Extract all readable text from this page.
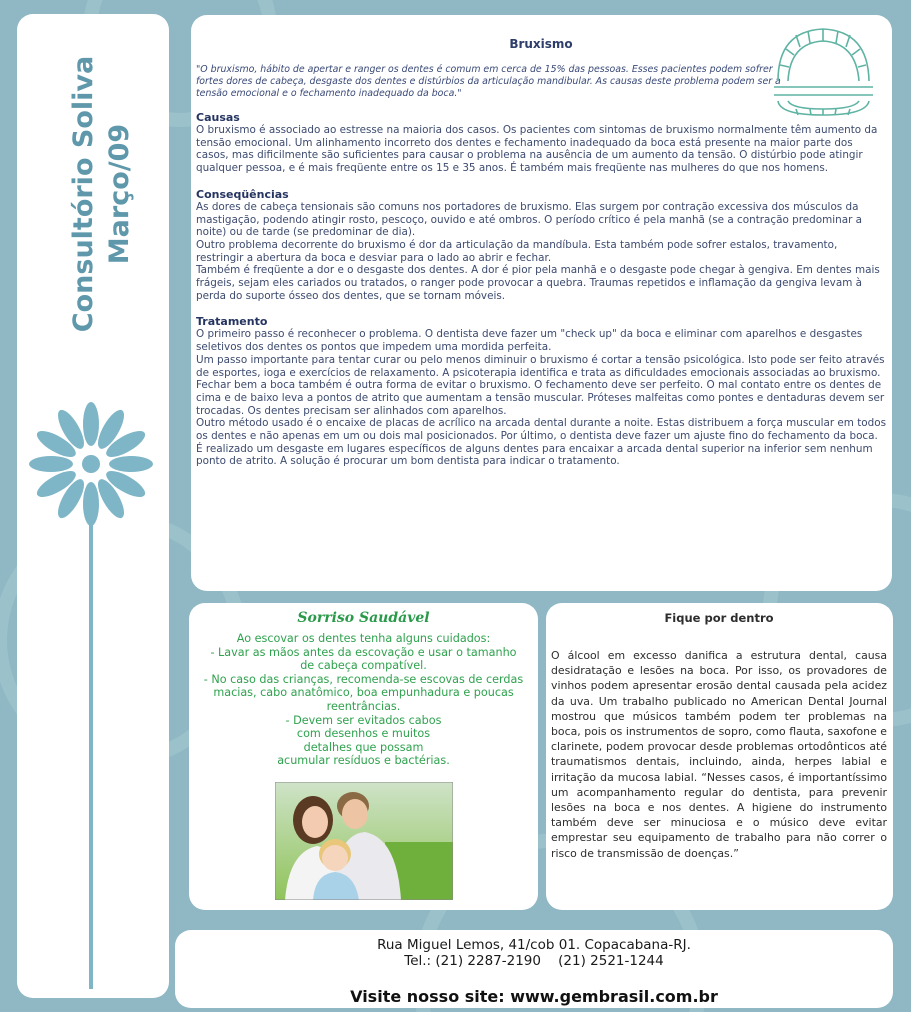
Consultório Soliva Março/09
Bruxismo

"O bruxismo, hábito de apertar e ranger os dentes é comum em cerca de 15% das pessoas. Esses pacientes podem sofrer fortes dores de cabeça, desgaste dos dentes e distúrbios da articulação mandibular. As causas deste problema podem ser a tensão emocional e o fechamento inadequado da boca."

Causas

O bruxismo é associado ao estresse na maioria dos casos. Os pacientes com sintomas de bruxismo normalmente têm aumento da tensão emocional. Um alinhamento incorreto dos dentes e fechamento inadequado da boca está presente na maior parte dos casos, mas dificilmente são suficientes para causar o problema na ausência de um aumento da tensão. O distúrbio pode atingir qualquer pessoa, e é mais freqüente entre os 15 e 35 anos. É também mais freqüente nas mulheres do que nos homens.

Conseqüências

As dores de cabeça tensionais são comuns nos portadores de bruxismo. Elas surgem por contração excessiva dos músculos da mastigação, podendo atingir rosto, pescoço, ouvido e até ombros. O período crítico é pela manhã (se a contração predominar a noite) ou de tarde (se predominar de dia).

Outro problema decorrente do bruxismo é dor da articulação da mandíbula. Esta também pode sofrer estalos, travamento, restringir a abertura da boca e desviar para o lado ao abrir e fechar.

Também é freqüente a dor e o desgaste dos dentes. A dor é pior pela manhã e o desgaste pode chegar à gengiva. Em dentes mais frágeis, sejam eles cariados ou tratados, o ranger pode provocar a quebra. Traumas repetidos e inflamação da gengiva levam à perda do suporte ósseo dos dentes, que se tornam móveis.

Tratamento

O primeiro passo é reconhecer o problema. O dentista deve fazer um "check up" da boca e eliminar com aparelhos e desgastes seletivos dos dentes os pontos que impedem uma mordida perfeita.

Um passo importante para tentar curar ou pelo menos diminuir o bruxismo é cortar a tensão psicológica. Isto pode ser feito através de esportes, ioga e exercícios de relaxamento. A psicoterapia identifica e trata as dificuldades emocionais associadas ao bruxismo. Fechar bem a boca também é outra forma de evitar o bruxismo. O fechamento deve ser perfeito. O mal contato entre os dentes de cima e de baixo leva a pontos de atrito que aumentam a tensão muscular. Próteses malfeitas como pontes e dentaduras devem ser trocadas. Os dentes precisam ser alinhados com aparelhos.

Outro método usado é o encaixe de placas de acrílico na arcada dental durante a noite. Estas distribuem a força muscular em todos os dentes e não apenas em um ou dois mal posicionados. Por último, o dentista deve fazer um ajuste fino do fechamento da boca.

É realizado um desgaste em lugares específicos de alguns dentes para encaixar a arcada dental superior na inferior sem nenhum ponto de atrito. A solução é procurar um bom dentista para indicar o tratamento.

Sorriso Saudável

Ao escovar os dentes tenha alguns cuidados:

- Lavar as mãos antes da escovação e usar o tamanho

de cabeça compatível.

- No caso das crianças, recomenda-se escovas de cerdas

macias, cabo anatômico, boa empunhadura e poucas

reentrâncias.

- Devem ser evitados cabos

com desenhos e muitos

detalhes que possam

acumular resíduos e bactérias.

Fique por dentro

O álcool em excesso danifica a estrutura dental, causa desidratação e lesões na boca. Por isso, os provadores de vinhos podem apresentar erosão dental causada pela acidez da uva. Um trabalho publicado no American Dental Journal mostrou que músicos também podem ter problemas na boca, pois os instrumentos de sopro, como flauta, saxofone e clarinete, podem provocar desde problemas ortodônticos até traumatismos dentais, incluindo, ainda, herpes labial e irritação da mucosa labial. “Nesses casos, é importantíssimo um acompanhamento regular do dentista, para prevenir lesões na boca e nos dentes. A higiene do instrumento também deve ser minuciosa e o músico deve evitar emprestar seu equipamento de trabalho para não correr o risco de transmissão de doenças.”

Rua Miguel Lemos, 41/cob 01. Copacabana-RJ.

Tel.: (21) 2287-2190    (21) 2521-1244

Visite nosso site: www.gembrasil.com.br
